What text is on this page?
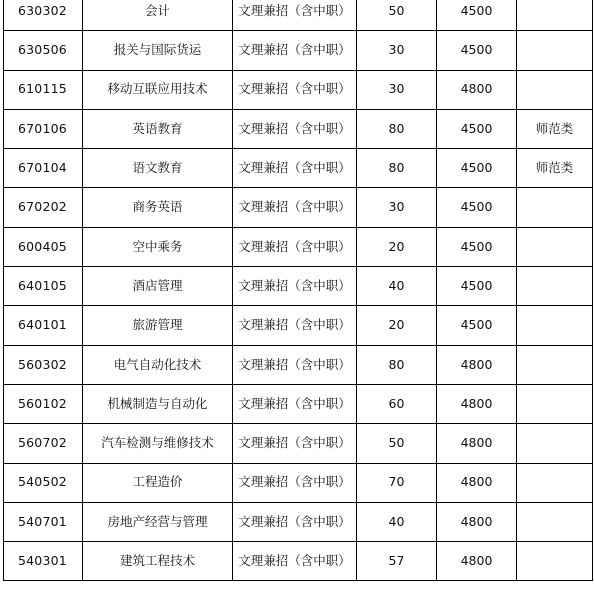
630302	会计	文理兼招（含中职）	50	4500	
630506	报关与国际货运	文理兼招（含中职）	30	4500	
610115	移动互联应用技术	文理兼招（含中职）	30	4800	
670106	英语教育	文理兼招（含中职）	80	4500	师范类
670104	语文教育	文理兼招（含中职）	80	4500	师范类
670202	商务英语	文理兼招（含中职）	30	4500	
600405	空中乘务	文理兼招（含中职）	20	4500	
640105	酒店管理	文理兼招（含中职）	40	4500	
640101	旅游管理	文理兼招（含中职）	20	4500	
560302	电气自动化技术	文理兼招（含中职）	80	4800	
560102	机械制造与自动化	文理兼招（含中职）	60	4800	
560702	汽车检测与维修技术	文理兼招（含中职）	50	4800	
540502	工程造价	文理兼招（含中职）	70	4800	
540701	房地产经营与管理	文理兼招（含中职）	40	4800	
540301	建筑工程技术	文理兼招（含中职）	57	4800	
